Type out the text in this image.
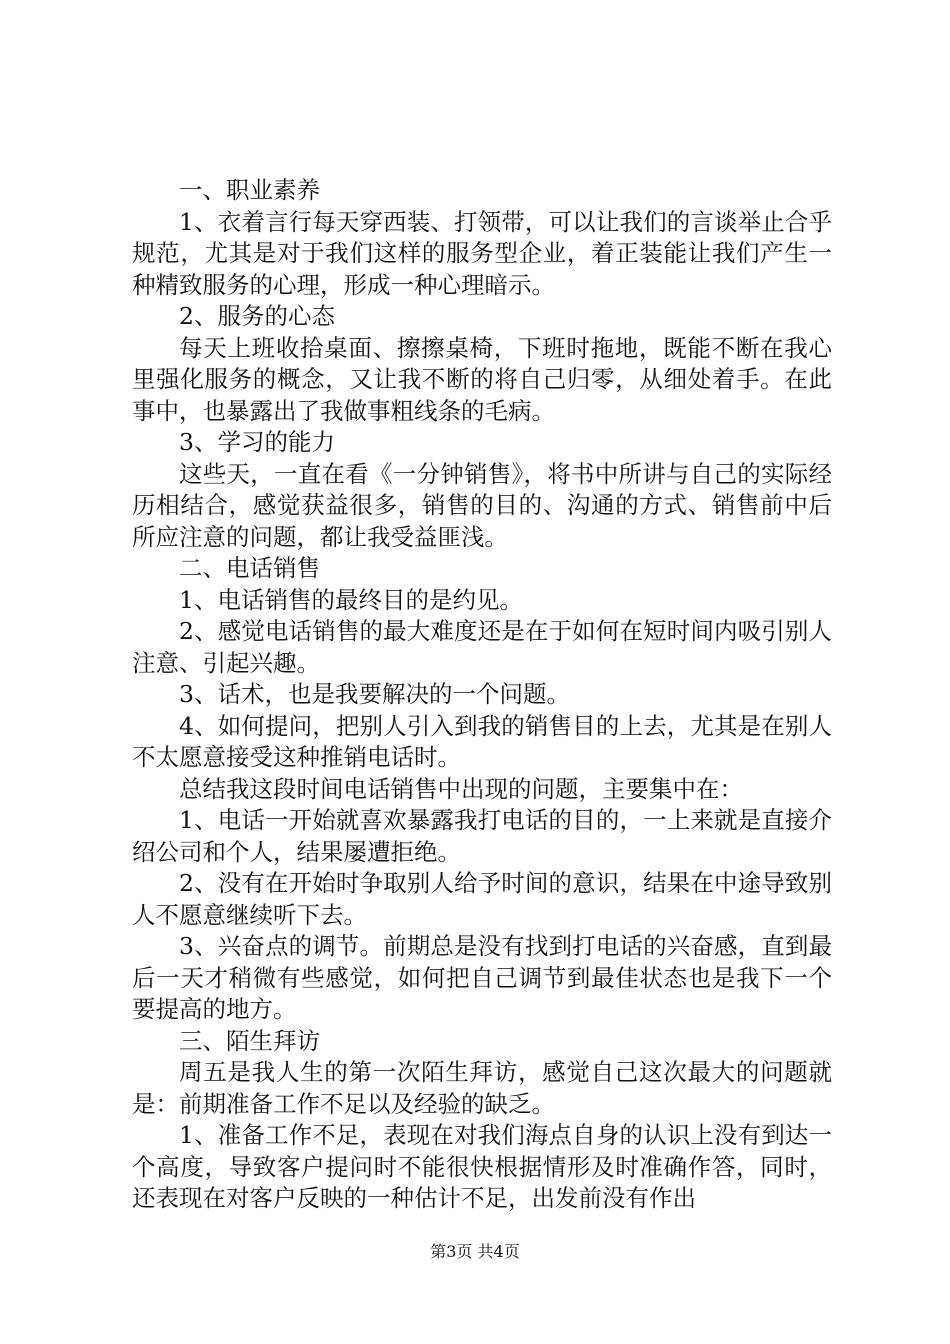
一、职业素养

1、衣着言行每天穿西装、打领带，可以让我们的言谈举止合乎规范，尤其是对于我们这样的服务型企业，着正装能让我们产生一种精致服务的心理，形成一种心理暗示。

2、服务的心态

每天上班收拾桌面、擦擦桌椅，下班时拖地，既能不断在我心里强化服务的概念，又让我不断的将自己归零，从细处着手。在此事中，也暴露出了我做事粗线条的毛病。

3、学习的能力

这些天，一直在看《一分钟销售》，将书中所讲与自己的实际经历相结合，感觉获益很多，销售的目的、沟通的方式、销售前中后所应注意的问题，都让我受益匪浅。

二、电话销售

1、电话销售的最终目的是约见。

2、感觉电话销售的最大难度还是在于如何在短时间内吸引别人注意、引起兴趣。

3、话术，也是我要解决的一个问题。

4、如何提问，把别人引入到我的销售目的上去，尤其是在别人不太愿意接受这种推销电话时。

总结我这段时间电话销售中出现的问题，主要集中在：

1、电话一开始就喜欢暴露我打电话的目的，一上来就是直接介绍公司和个人，结果屡遭拒绝。

2、没有在开始时争取别人给予时间的意识，结果在中途导致别人不愿意继续听下去。

3、兴奋点的调节。前期总是没有找到打电话的兴奋感，直到最后一天才稍微有些感觉，如何把自己调节到最佳状态也是我下一个要提高的地方。

三、陌生拜访

周五是我人生的第一次陌生拜访，感觉自己这次最大的问题就是：前期准备工作不足以及经验的缺乏。

1、准备工作不足，表现在对我们海点自身的认识上没有到达一个高度，导致客户提问时不能很快根据情形及时准确作答，同时，还表现在对客户反映的一种估计不足，出发前没有作出

第3页 共4页
